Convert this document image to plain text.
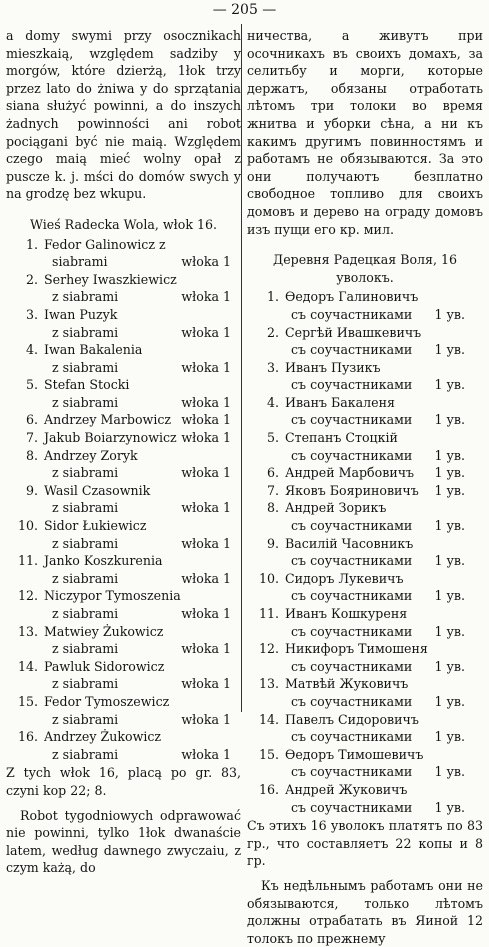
— 205 —
a domy swymi przy osocznikach mieszkaią, względem sadziby y morgów, które dzierżą, 1łok trzy przez lato do żniwa y do sprzątania siana służyć powinni, a do inszych żadnych powinności ani robot pociągani być nie maią. Względem czego maią mieć wolny opał z pusczе k. j. mści do domów swych y na grodzę bez wkupu.
Wieś Radecka Wola, włok 16.
1. Fedor Galinowicz z
siabrami	włoka 1
2. Serhey Iwaszkiewicz
z siabrami	włoka 1
3. Iwan Puzyk
z siabrami	włoka 1
4. Iwan Bakalenia
z siabrami	włoka 1
5. Stefan Stocki
z siabrami	włoka 1
6. Andrzey Marbowicz włoka 1
7. Jakub Boiarzynowicz włoka 1
8. Andrzey Zoryk
z siabrami	włoka 1
9. Wasil Czasownik
z siabrami	włoka 1
10. Sidor Łukiewicz
z siabrami	włoka 1
11. Janko Koszkurenia
z siabrami	włoka 1
12. Niczypor Tymoszenia
z siabrami	włoka 1
13. Matwiey Żukowicz
z siabrami	włoka 1
14. Pawluk Sidorowicz
z siabrami	włoka 1
15. Fedor Tymoszewicz
z siabrami	włoka 1
16. Andrzey Żukowicz
z siabrami	włoka 1
Z tych włok 16, placą po gr. 83, czyni kop 22; 8.
Robot tygodniowych odprawować nie powinni, tylko 1łok dwanaście latem, według dawnego zwyczaiu, z czym każą, do
ничества, а живутъ при осочникахъ въ своихъ домахъ, за селитьбу и морги, которые держатъ, обязаны отработать лѣтомъ три толоки во время жнитва и уборки сѣна, а ни къ какимъ другимъ повинностямъ и работамъ не обязываются. За это они получаютъ безплатно свободное топливо для своихъ домовъ и дерево на ограду домовъ изъ пущи его кр. мил.
Деревня Радецкая Воля, 16 уволокъ.
1. Ѳедоръ Галиновичъ
съ соучастниками 1 ув.
2. Сергѣй Ивашкевичъ
съ соучастниками 1 ув.
3. Иванъ Пузикъ
съ соучастниками 1 ув.
4. Иванъ Бакаленя
съ соучастниками 1 ув.
5. Степанъ Стоцкій
съ соучастниками 1 ув.
6. Андрей Марбовичъ 1 ув.
7. Яковъ Бояриновичъ 1 ув.
8. Андрей Зорикъ
съ соучастниками 1 ув.
9. Василій Часовникъ
съ соучастниками 1 ув.
10. Сидоръ Лукевичъ
съ соучастниками 1 ув.
11. Иванъ Кошкуреня
съ соучастниками 1 ув.
12. Никифоръ Тимошеня
съ соучастниками 1 ув.
13. Матвѣй Жуковичъ
съ соучастниками 1 ув.
14. Павелъ Сидоровичъ
съ соучастниками 1 ув.
15. Ѳедоръ Тимошевичъ
съ соучастниками 1 ув.
16. Андрей Жуковичъ
съ соучастниками 1 ув.
Съ этихъ 16 уволокъ платятъ по 83 гр., что составляетъ 22 копы и 8 гр.
Къ недѣльнымъ работамъ они не обязываются, только лѣтомъ должны отрабатать въ Яиной 12 толокъ по прежнему
